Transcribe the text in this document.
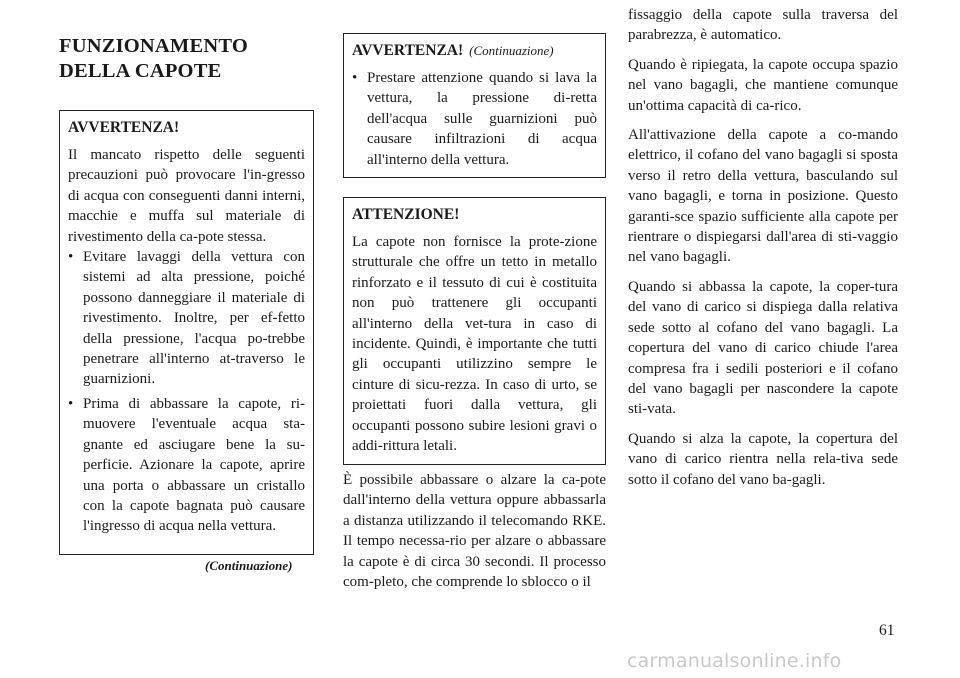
FUNZIONAMENTO
DELLA CAPOTE
AVVERTENZA!

Il mancato rispetto delle seguenti precauzioni può provocare l'in-gresso di acqua con conseguenti danni interni, macchie e muffa sul materiale di rivestimento della ca-pote stessa.

• Evitare lavaggi della vettura con sistemi ad alta pressione, poiché possono danneggiare il materiale di rivestimento. Inoltre, per ef-fetto della pressione, l'acqua po-trebbe penetrare all'interno at-traverso le guarnizioni.
• Prima di abbassare la capote, ri-muovere l'eventuale acqua sta-gnante ed asciugare bene la su-perficie. Azionare la capote, aprire una porta o abbassare un cristallo con la capote bagnata può causare l'ingresso di acqua nella vettura.
(Continuazione)
AVVERTENZA! (Continuazione)
• Prestare attenzione quando si lava la vettura, la pressione di-retta dell'acqua sulle guarnizioni può causare infiltrazioni di acqua all'interno della vettura.
ATTENZIONE!

La capote non fornisce la prote-zione strutturale che offre un tetto in metallo rinforzato e il tessuto di cui è costituita non può trattenere gli occupanti all'interno della vet-tura in caso di incidente. Quindi, è importante che tutti gli occupanti utilizzino sempre le cinture di sicu-rezza. In caso di urto, se proiettati fuori dalla vettura, gli occupanti possono subire lesioni gravi o addi-rittura letali.

È possibile abbassare o alzare la ca-pote dall'interno della vettura oppure abbassarla a distanza utilizzando il telecomando RKE. Il tempo necessa-rio per alzare o abbassare la capote è di circa 30 secondi. Il processo com-pleto, che comprende lo sblocco o il

fissaggio della capote sulla traversa del parabrezza, è automatico.

Quando è ripiegata, la capote occupa spazio nel vano bagagli, che mantiene comunque un'ottima capacità di ca-rico.

All'attivazione della capote a co-mando elettrico, il cofano del vano bagagli si sposta verso il retro della vettura, basculando sul vano bagagli, e torna in posizione. Questo garanti-sce spazio sufficiente alla capote per rientrare o dispiegarsi dall'area di sti-vaggio nel vano bagagli.

Quando si abbassa la capote, la coper-tura del vano di carico si dispiega dalla relativa sede sotto al cofano del vano bagagli. La copertura del vano di carico chiude l'area compresa fra i sedili posteriori e il cofano del vano bagagli per nascondere la capote sti-vata.

Quando si alza la capote, la copertura del vano di carico rientra nella rela-tiva sede sotto il cofano del vano ba-gagli.

61
carmanualsonline.info
